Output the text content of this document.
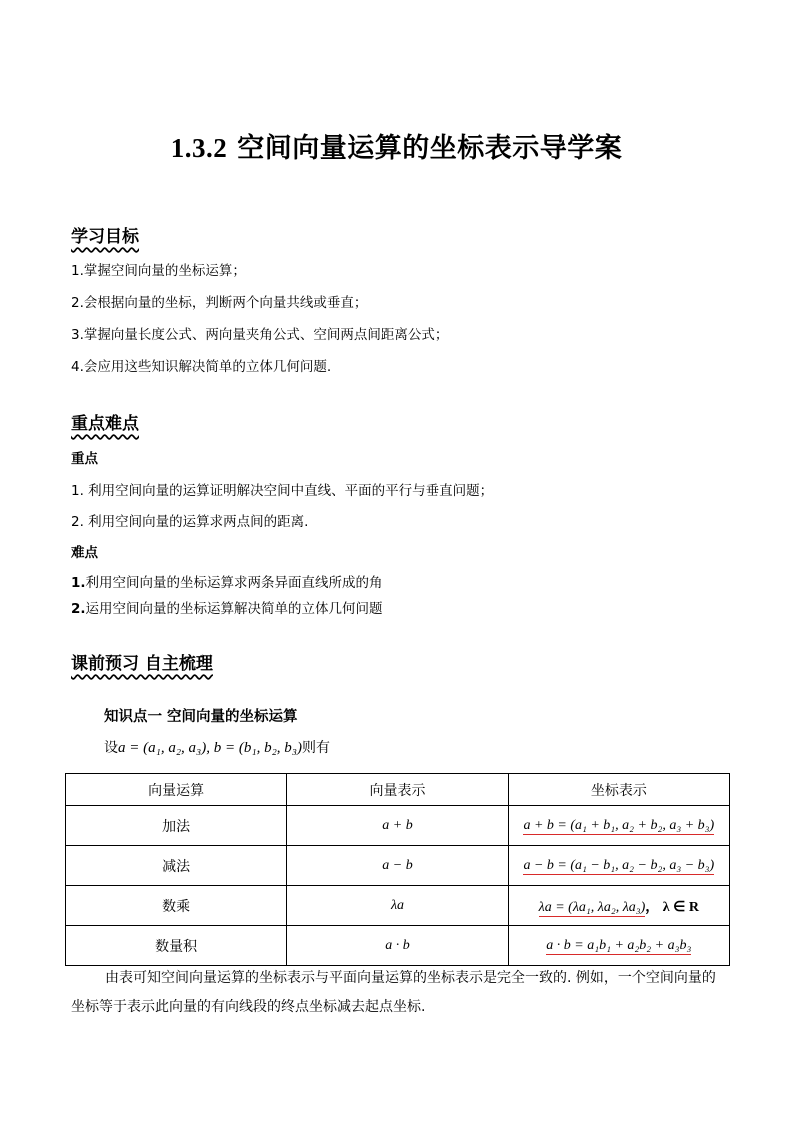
1.3.2 空间向量运算的坐标表示导学案
学习目标
1.掌握空间向量的坐标运算；
2.会根据向量的坐标，判断两个向量共线或垂直；
3.掌握向量长度公式、两向量夹角公式、空间两点间距离公式；
4.会应用这些知识解决简单的立体几何问题.
重点难点
重点
1. 利用空间向量的运算证明解决空间中直线、平面的平行与垂直问题；
2. 利用空间向量的运算求两点间的距离.
难点
1.利用空间向量的坐标运算求两条异面直线所成的角
2.运用空间向量的坐标运算解决简单的立体几何问题
课前预习 自主梳理
知识点一 空间向量的坐标运算
设a = (a₁, a₂, a₃), b = (b₁, b₂, b₃)则有
向量运算	向量表示	坐标表示
加法	a + b	a + b = (a₁ + b₁, a₂ + b₂, a₃ + b₃)
减法	a − b	a − b = (a₁ − b₁, a₂ − b₂, a₃ − b₃)
数乘	λa	λa = (λa₁, λa₂, λa₃)， λ ∈ R
数量积	a · b	a · b = a₁b₁ + a₂b₂ + a₃b₃
由表可知空间向量运算的坐标表示与平面向量运算的坐标表示是完全一致的. 例如，一个空间向量的坐标等于表示此向量的有向线段的终点坐标减去起点坐标.
